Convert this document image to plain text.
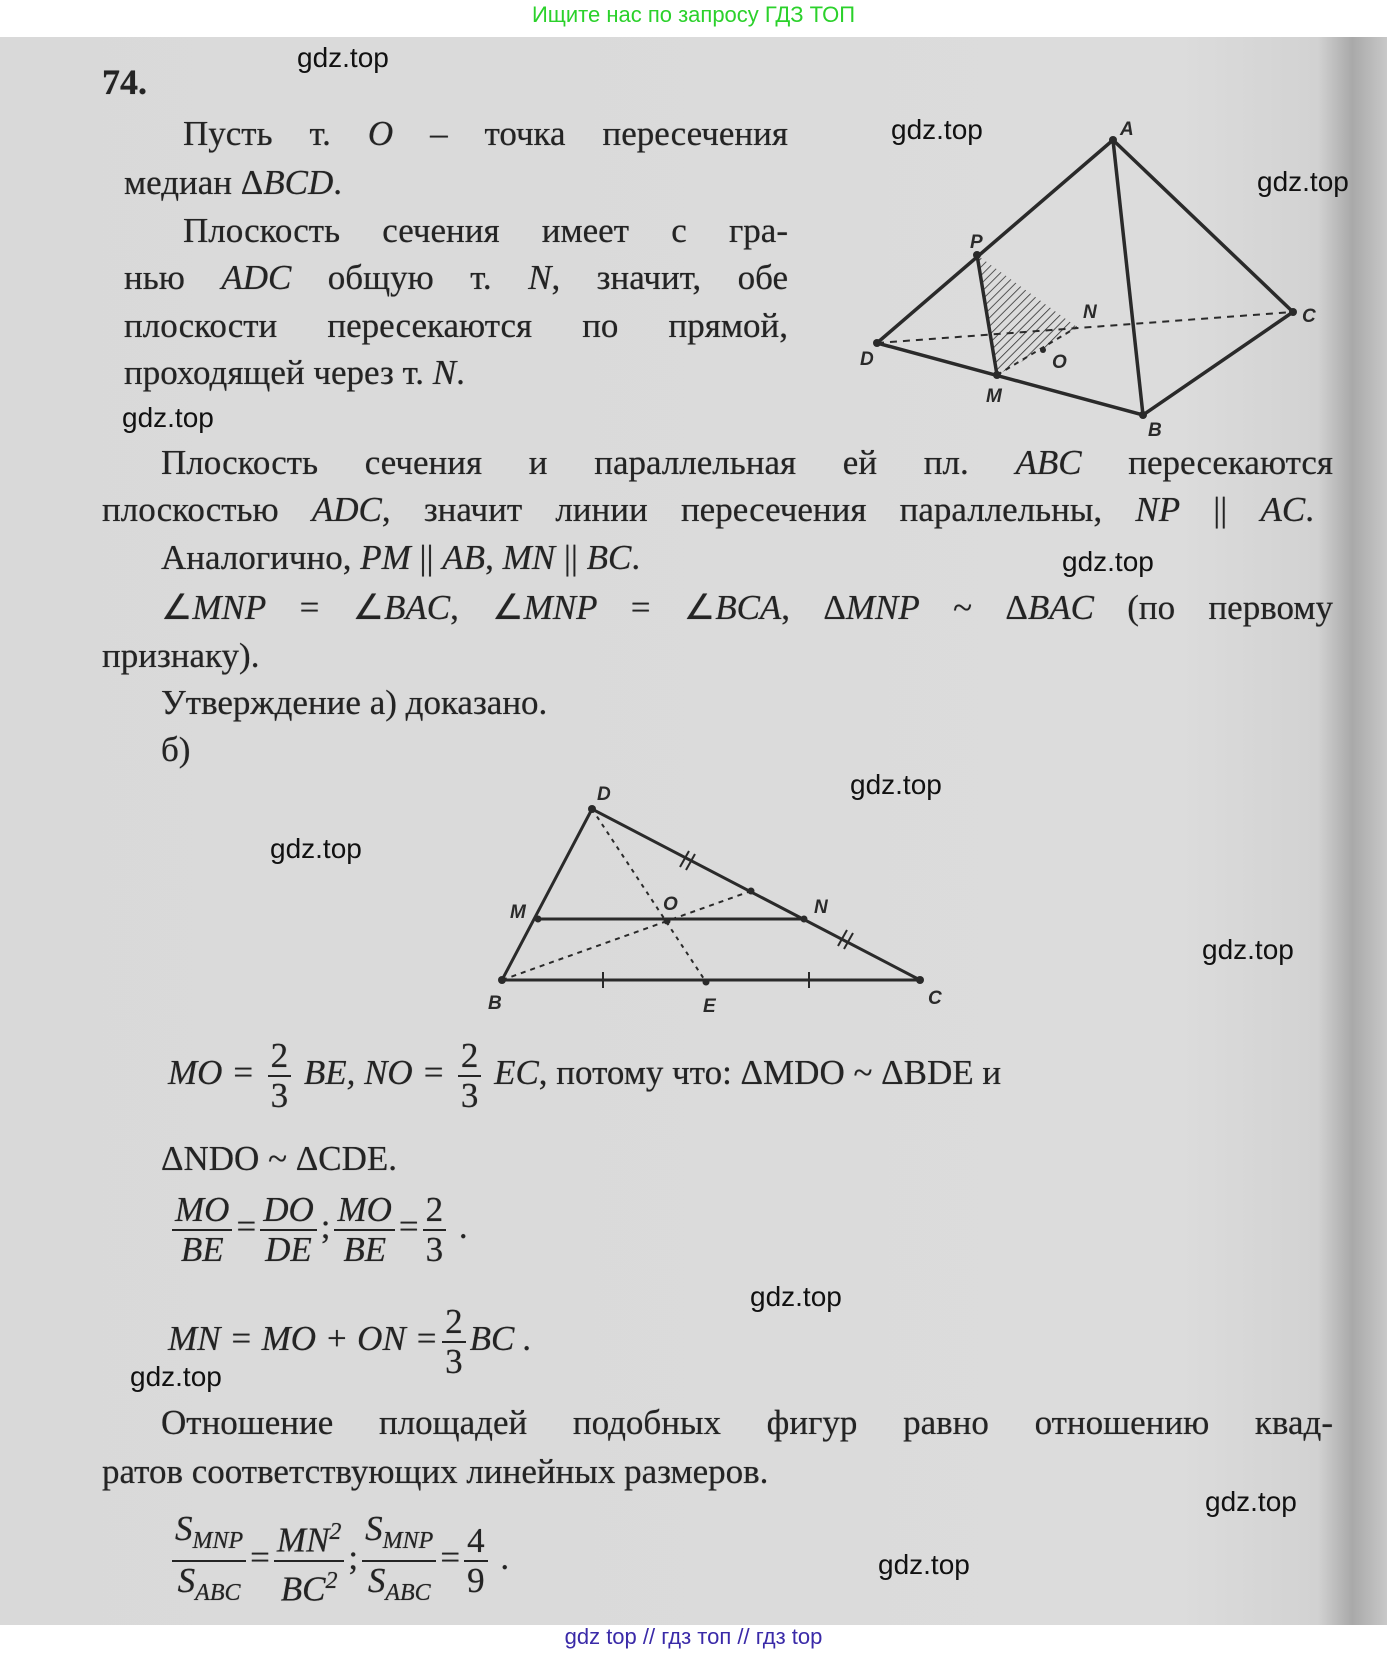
Ищите нас по запросу ГДЗ ТОП
74.
Пусть т. O – точка пересечения
медиан ΔBCD.
Плоскость сечения имеет с гра-
нью ADC общую т. N, значит, обе
плоскости пересекаются по прямой,
проходящей через т. N.
Плоскость сечения и параллельная ей пл. ABC пересекаются
плоскостью ADC, значит линии пересечения параллельны, NP || AC.
Аналогично, PM || AB, MN || BC.
∠MNP = ∠BAC, ∠MNP = ∠BCA, ΔMNP ~ ΔBAC (по первому
признаку).
Утверждение а) доказано.
б)
A
B
C
D
P
M
N
O
D
M	N
O
B	E	C
MO = $\frac{2}{3}$ BE, NO = $\frac{2}{3}$ EC, потому что: ΔMDO ~ ΔBDE и
ΔNDO ~ ΔCDE.
$\frac{MO}{BE} = \frac{DO}{DE}$ ; $\frac{MO}{BE} = \frac{2}{3}$ .
MN = MO + ON = $\frac{2}{3}$ BC .
Отношение площадей подобных фигур равно отношению квад-
ратов соответствующих линейных размеров.
$\frac{S_{MNP}}{S_{ABC}} = \frac{MN^2}{BC^2}$ ; $\frac{S_{MNP}}{S_{ABC}} = \frac{4}{9}$ .
gdz.top
gdz.top
gdz.top
gdz.top
gdz.top
gdz.top
gdz.top
gdz.top
gdz.top
gdz.top
gdz.top
gdz.top
gdz top // гдз топ // гдз top
